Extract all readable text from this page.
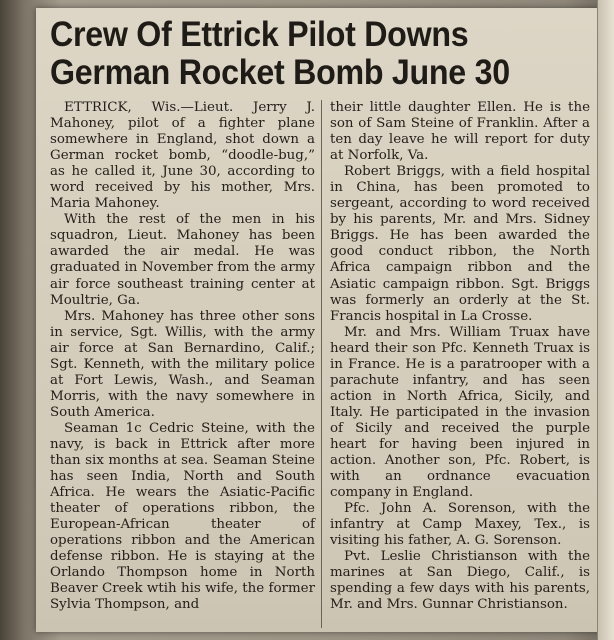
Crew Of Ettrick Pilot Downs
German Rocket Bomb June 30

ETTRICK, Wis.—Lieut. Jerry J. Mahoney, pilot of a fighter plane somewhere in England, shot down a German rocket bomb, “doodle-bug,” as he called it, June 30, according to word received by his mother, Mrs. Maria Mahoney.

With the rest of the men in his squadron, Lieut. Mahoney has been awarded the air medal. He was graduated in November from the army air force southeast training center at Moultrie, Ga.

Mrs. Mahoney has three other sons in service, Sgt. Willis, with the army air force at San Bernardino, Calif.; Sgt. Kenneth, with the military police at Fort Lewis, Wash., and Seaman Morris, with the navy somewhere in South America.

Seaman 1c Cedric Steine, with the navy, is back in Ettrick after more than six months at sea. Seaman Steine has seen India, North and South Africa. He wears the Asiatic-Pacific theater of operations ribbon, the European-African theater of operations ribbon and the American defense ribbon. He is staying at the Orlando Thompson home in North Beaver Creek wtih his wife, the former Sylvia Thompson, and

their little daughter Ellen. He is the son of Sam Steine of Franklin. After a ten day leave he will report for duty at Norfolk, Va.

Robert Briggs, with a field hospital in China, has been promoted to sergeant, according to word received by his parents, Mr. and Mrs. Sidney Briggs. He has been awarded the good conduct ribbon, the North Africa campaign ribbon and the Asiatic campaign ribbon. Sgt. Briggs was formerly an orderly at the St. Francis hospital in La Crosse.

Mr. and Mrs. William Truax have heard their son Pfc. Kenneth Truax is in France. He is a paratrooper with a parachute infantry, and has seen action in North Africa, Sicily, and Italy. He participated in the invasion of Sicily and received the purple heart for having been injured in action. Another son, Pfc. Robert, is with an ordnance evacuation company in England.

Pfc. John A. Sorenson, with the infantry at Camp Maxey, Tex., is visiting his father, A. G. Sorenson.

Pvt. Leslie Christianson with the marines at San Diego, Calif., is spending a few days with his parents, Mr. and Mrs. Gunnar Christianson.
